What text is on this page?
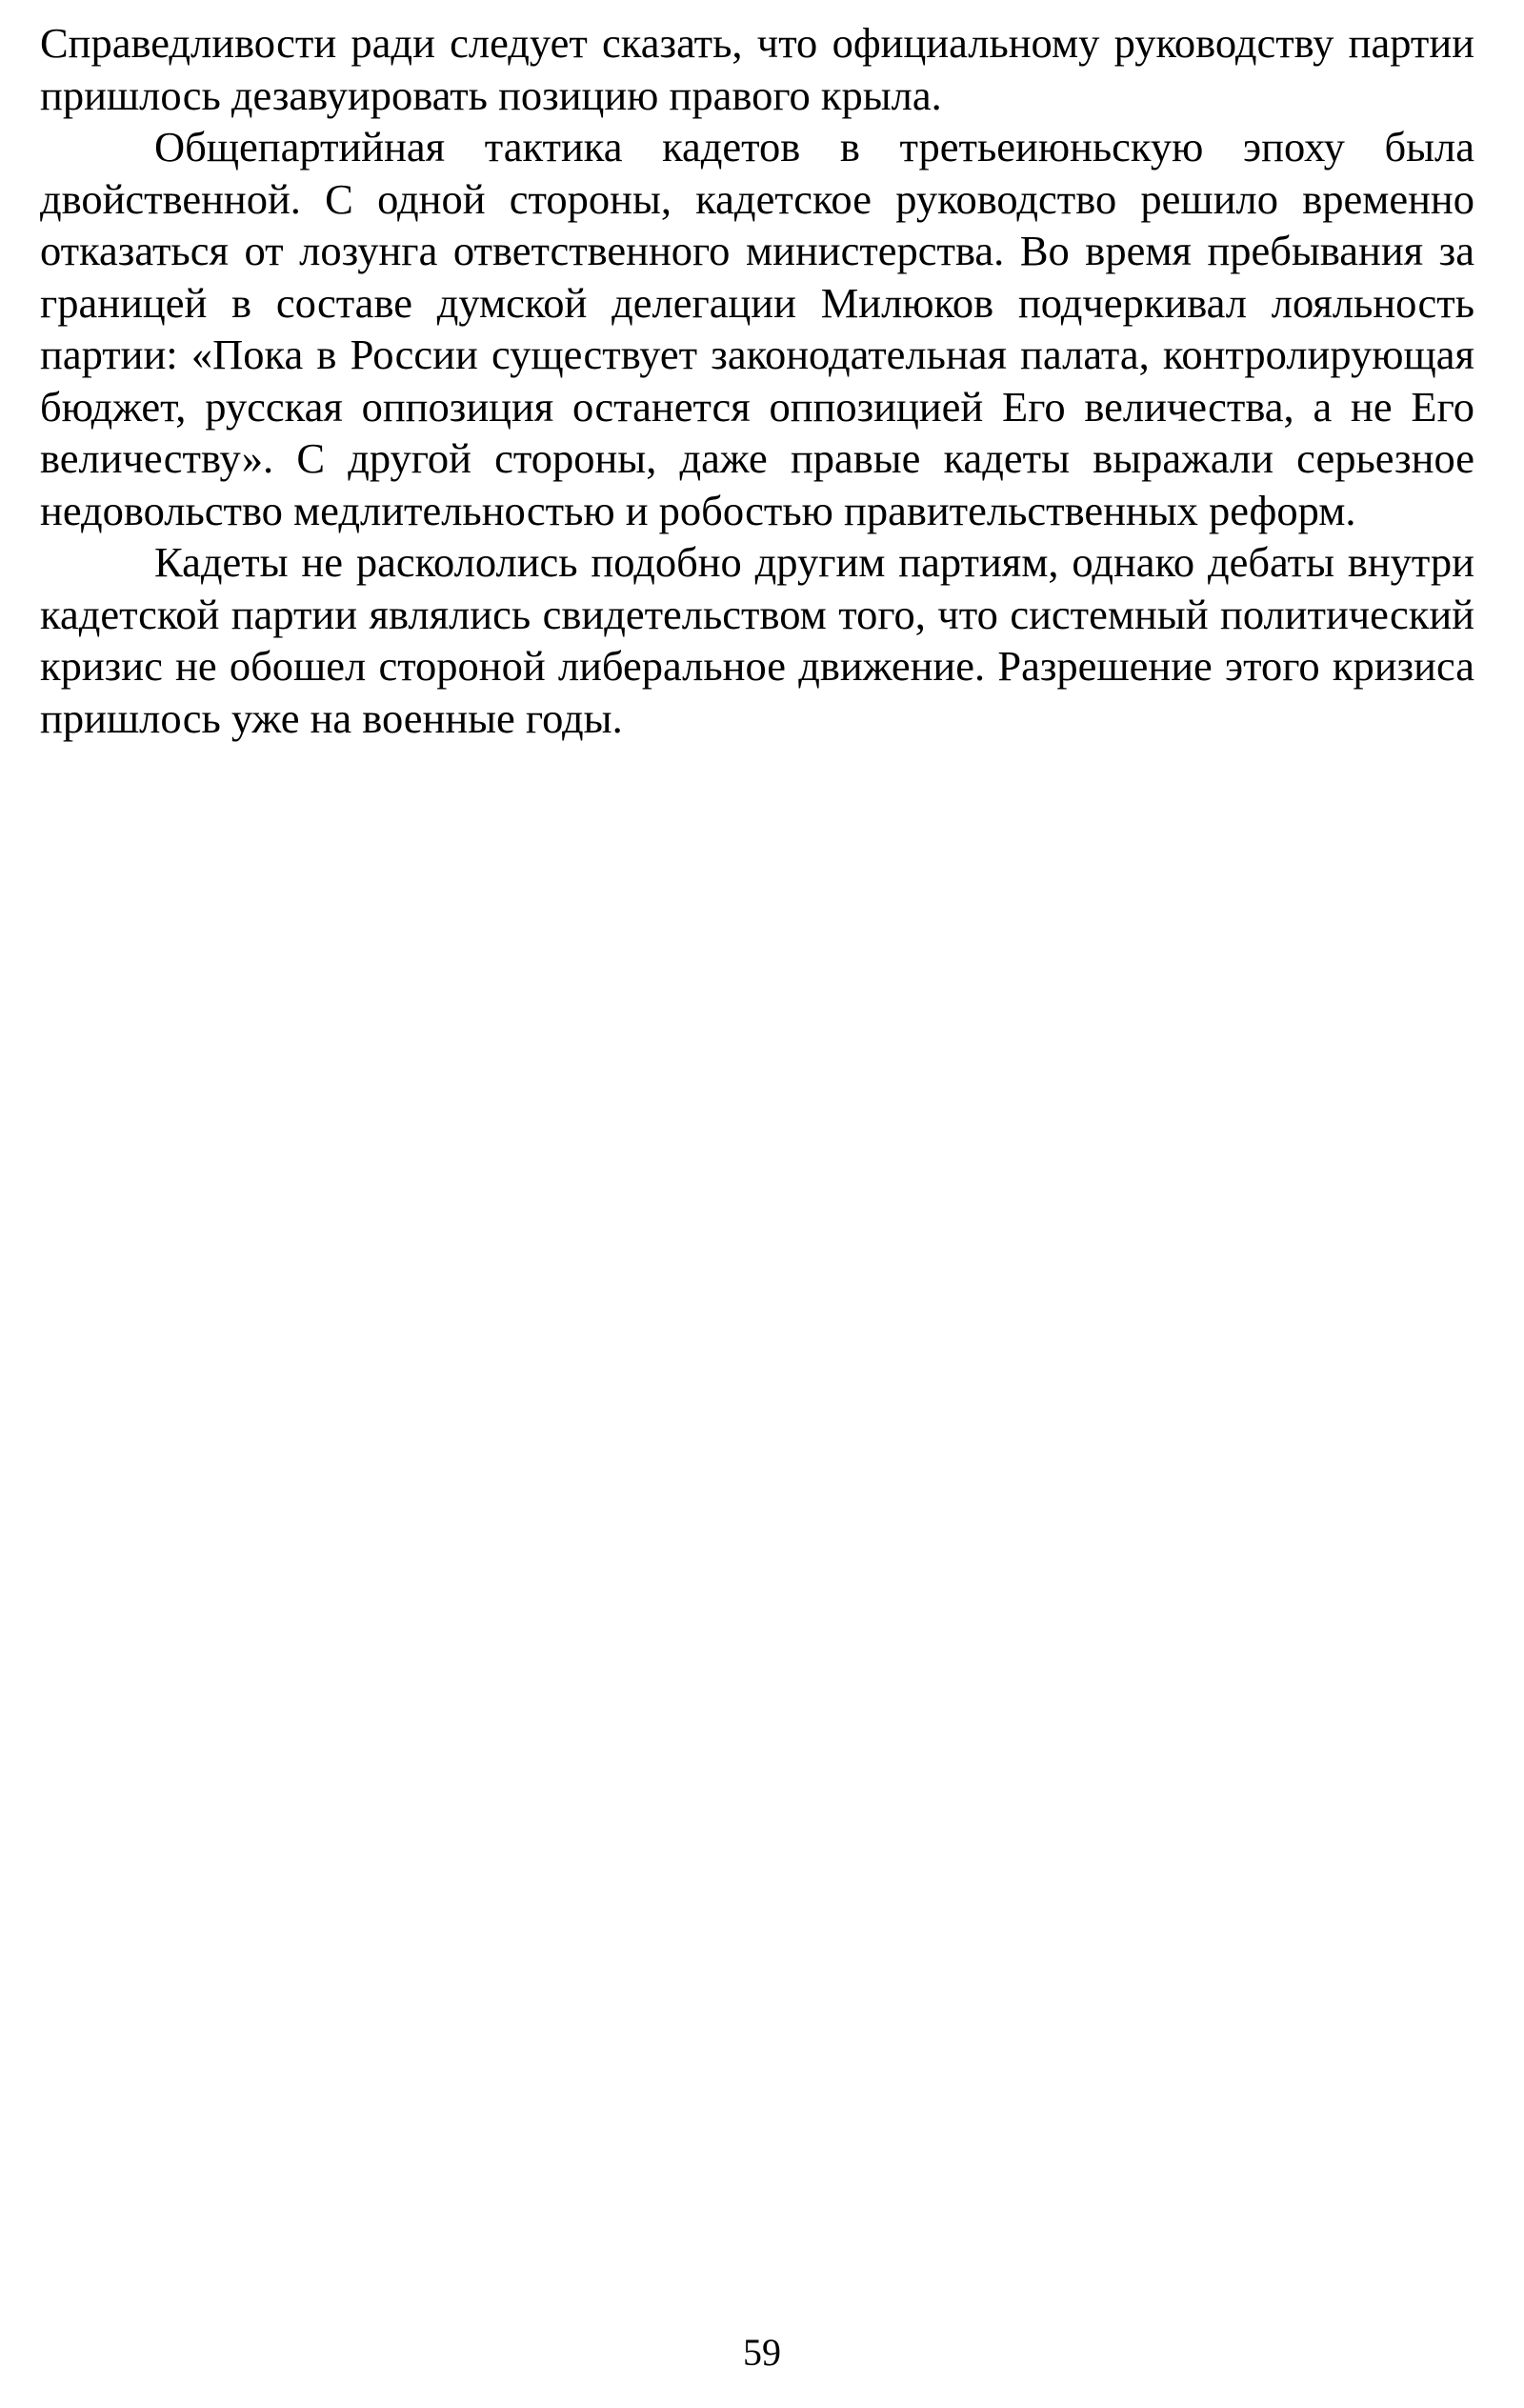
Справедливости ради следует сказать, что официальному руководству партии пришлось дезавуировать позицию правого крыла.

Общепартийная тактика кадетов в третьеиюньскую эпоху была двойственной. С одной стороны, кадетское руководство решило временно отказаться от лозунга ответственного министерства. Во время пребывания за границей в составе думской делегации Милюков подчеркивал лояльность партии: «Пока в России существует законодательная палата, контролирующая бюджет, русская оппозиция останется оппозицией Его величества, а не Его величеству». С другой стороны, даже правые кадеты выражали серьезное недовольство медлительностью и робостью правительственных реформ.

Кадеты не раскололись подобно другим партиям, однако дебаты внутри кадетской партии являлись свидетельством того, что системный политический кризис не обошел стороной либеральное движение. Разрешение этого кризиса пришлось уже на военные годы.

59
